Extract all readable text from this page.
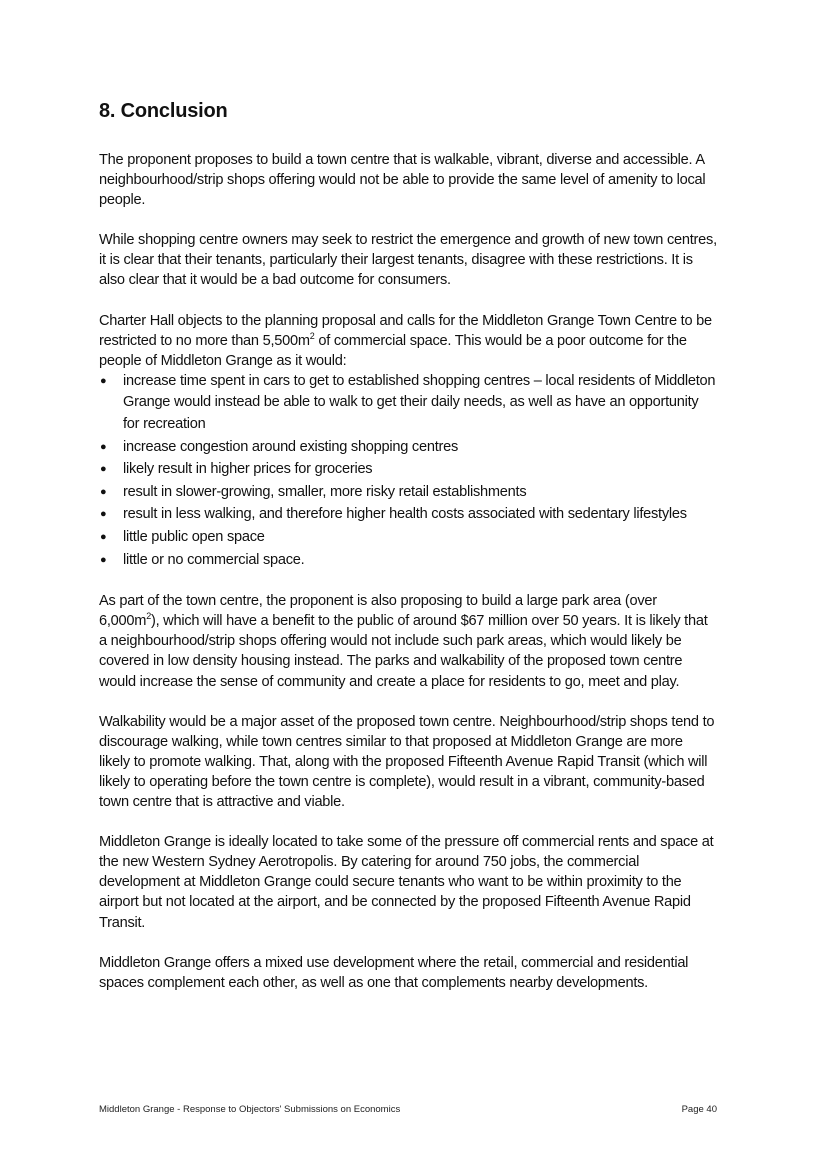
8. Conclusion

The proponent proposes to build a town centre that is walkable, vibrant, diverse and accessible. A neighbourhood/strip shops offering would not be able to provide the same level of amenity to local people.

While shopping centre owners may seek to restrict the emergence and growth of new town centres, it is clear that their tenants, particularly their largest tenants, disagree with these restrictions. It is also clear that it would be a bad outcome for consumers.

Charter Hall objects to the planning proposal and calls for the Middleton Grange Town Centre to be restricted to no more than $5,500m^2$ of commercial space. This would be a poor outcome for the people of Middleton Grange as it would:

● increase time spent in cars to get to established shopping centres – local residents of Middleton Grange would instead be able to walk to get their daily needs, as well as have an opportunity for recreation
● increase congestion around existing shopping centres
● likely result in higher prices for groceries
● result in slower-growing, smaller, more risky retail establishments
● result in less walking, and therefore higher health costs associated with sedentary lifestyles
● little public open space
● little or no commercial space.

As part of the town centre, the proponent is also proposing to build a large park area (over $6,000m^2$), which will have a benefit to the public of around $67 million over 50 years. It is likely that a neighbourhood/strip shops offering would not include such park areas, which would likely be covered in low density housing instead. The parks and walkability of the proposed town centre would increase the sense of community and create a place for residents to go, meet and play.

Walkability would be a major asset of the proposed town centre. Neighbourhood/strip shops tend to discourage walking, while town centres similar to that proposed at Middleton Grange are more likely to promote walking. That, along with the proposed Fifteenth Avenue Rapid Transit (which will likely to operating before the town centre is complete), would result in a vibrant, community-based town centre that is attractive and viable.

Middleton Grange is ideally located to take some of the pressure off commercial rents and space at the new Western Sydney Aerotropolis. By catering for around 750 jobs, the commercial development at Middleton Grange could secure tenants who want to be within proximity to the airport but not located at the airport, and be connected by the proposed Fifteenth Avenue Rapid Transit.

Middleton Grange offers a mixed use development where the retail, commercial and residential spaces complement each other, as well as one that complements nearby developments.

Middleton Grange - Response to Objectors' Submissions on Economics	Page 40
